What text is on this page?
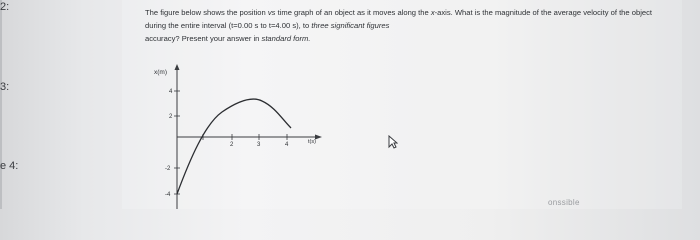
2:
3:
e 4:
The figure below shows the position vs time graph of an object as it moves along the x-axis. What is the magnitude of the average velocity of the object during the entire interval (t=0.00 s to t=4.00 s), to three significant figures
accuracy? Present your answer in standard form.
x(m)
t(s)
4
2
-2
-4
2	3	4
onssible
